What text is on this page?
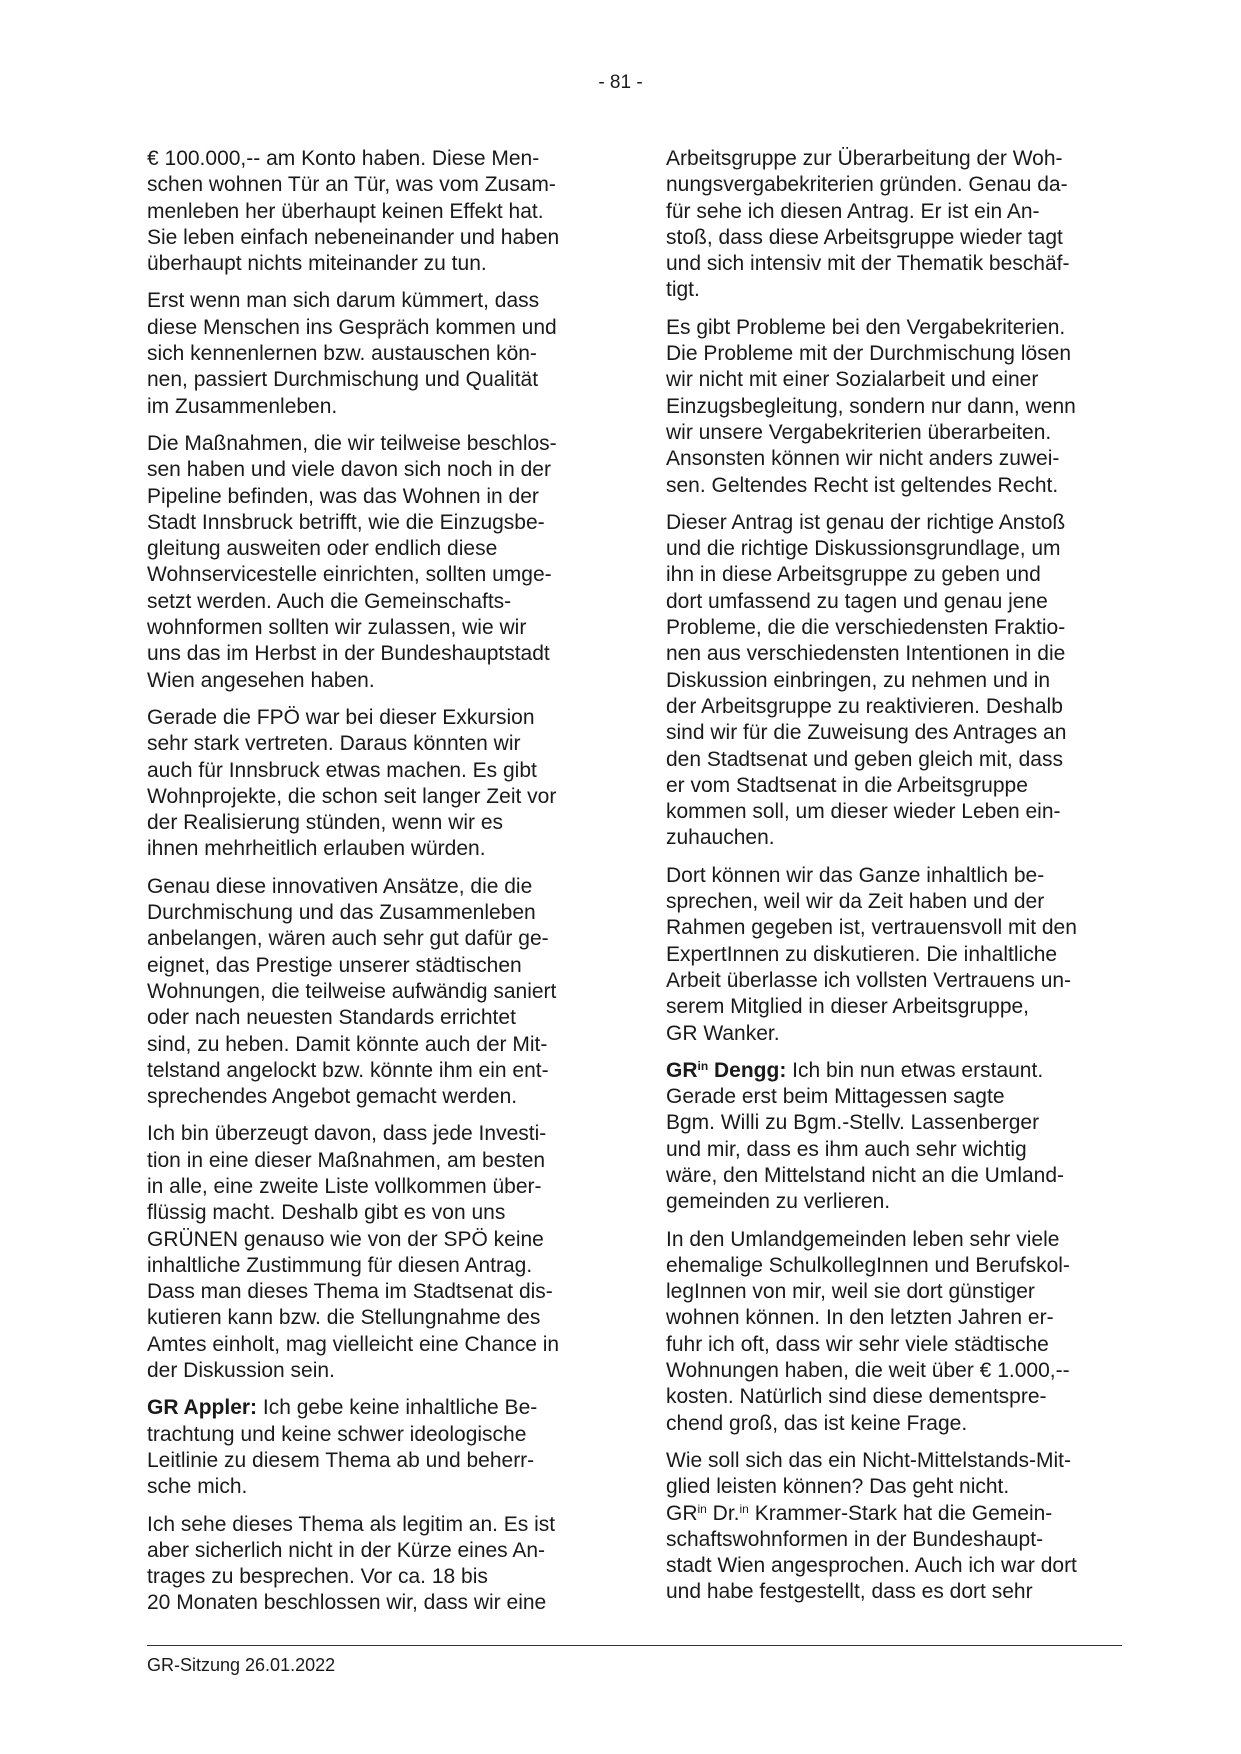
- 81 -

€ 100.000,-- am Konto haben. Diese Men-
schen wohnen Tür an Tür, was vom Zusam-
menleben her überhaupt keinen Effekt hat.
Sie leben einfach nebeneinander und haben
überhaupt nichts miteinander zu tun.

Erst wenn man sich darum kümmert, dass
diese Menschen ins Gespräch kommen und
sich kennenlernen bzw. austauschen kön-
nen, passiert Durchmischung und Qualität
im Zusammenleben.

Die Maßnahmen, die wir teilweise beschlos-
sen haben und viele davon sich noch in der
Pipeline befinden, was das Wohnen in der
Stadt Innsbruck betrifft, wie die Einzugsbe-
gleitung ausweiten oder endlich diese
Wohnservicestelle einrichten, sollten umge-
setzt werden. Auch die Gemeinschafts-
wohnformen sollten wir zulassen, wie wir
uns das im Herbst in der Bundeshauptstadt
Wien angesehen haben.

Gerade die FPÖ war bei dieser Exkursion
sehr stark vertreten. Daraus könnten wir
auch für Innsbruck etwas machen. Es gibt
Wohnprojekte, die schon seit langer Zeit vor
der Realisierung stünden, wenn wir es
ihnen mehrheitlich erlauben würden.

Genau diese innovativen Ansätze, die die
Durchmischung und das Zusammenleben
anbelangen, wären auch sehr gut dafür ge-
eignet, das Prestige unserer städtischen
Wohnungen, die teilweise aufwändig saniert
oder nach neuesten Standards errichtet
sind, zu heben. Damit könnte auch der Mit-
telstand angelockt bzw. könnte ihm ein ent-
sprechendes Angebot gemacht werden.

Ich bin überzeugt davon, dass jede Investi-
tion in eine dieser Maßnahmen, am besten
in alle, eine zweite Liste vollkommen über-
flüssig macht. Deshalb gibt es von uns
GRÜNEN genauso wie von der SPÖ keine
inhaltliche Zustimmung für diesen Antrag.
Dass man dieses Thema im Stadtsenat dis-
kutieren kann bzw. die Stellungnahme des
Amtes einholt, mag vielleicht eine Chance in
der Diskussion sein.

GR Appler: Ich gebe keine inhaltliche Be-
trachtung und keine schwer ideologische
Leitlinie zu diesem Thema ab und beherr-
sche mich.

Ich sehe dieses Thema als legitim an. Es ist
aber sicherlich nicht in der Kürze eines An-
trages zu besprechen. Vor ca. 18 bis
20 Monaten beschlossen wir, dass wir eine

Arbeitsgruppe zur Überarbeitung der Woh-
nungsvergabekriterien gründen. Genau da-
für sehe ich diesen Antrag. Er ist ein An-
stoß, dass diese Arbeitsgruppe wieder tagt
und sich intensiv mit der Thematik beschäf-
tigt.

Es gibt Probleme bei den Vergabekriterien.
Die Probleme mit der Durchmischung lösen
wir nicht mit einer Sozialarbeit und einer
Einzugsbegleitung, sondern nur dann, wenn
wir unsere Vergabekriterien überarbeiten.
Ansonsten können wir nicht anders zuwei-
sen. Geltendes Recht ist geltendes Recht.

Dieser Antrag ist genau der richtige Anstoß
und die richtige Diskussionsgrundlage, um
ihn in diese Arbeitsgruppe zu geben und
dort umfassend zu tagen und genau jene
Probleme, die die verschiedensten Fraktio-
nen aus verschiedensten Intentionen in die
Diskussion einbringen, zu nehmen und in
der Arbeitsgruppe zu reaktivieren. Deshalb
sind wir für die Zuweisung des Antrages an
den Stadtsenat und geben gleich mit, dass
er vom Stadtsenat in die Arbeitsgruppe
kommen soll, um dieser wieder Leben ein-
zuhauchen.

Dort können wir das Ganze inhaltlich be-
sprechen, weil wir da Zeit haben und der
Rahmen gegeben ist, vertrauensvoll mit den
ExpertInnen zu diskutieren. Die inhaltliche
Arbeit überlasse ich vollsten Vertrauens un-
serem Mitglied in dieser Arbeitsgruppe,
GR Wanker.

$GR^{in}$ Dengg: Ich bin nun etwas erstaunt.
Gerade erst beim Mittagessen sagte
Bgm. Willi zu Bgm.-Stellv. Lassenberger
und mir, dass es ihm auch sehr wichtig
wäre, den Mittelstand nicht an die Umland-
gemeinden zu verlieren.

In den Umlandgemeinden leben sehr viele
ehemalige SchulkollegInnen und Berufskol-
legInnen von mir, weil sie dort günstiger
wohnen können. In den letzten Jahren er-
fuhr ich oft, dass wir sehr viele städtische
Wohnungen haben, die weit über € 1.000,--
kosten. Natürlich sind diese dementspre-
chend groß, das ist keine Frage.

Wie soll sich das ein Nicht-Mittelstands-Mit-
glied leisten können? Das geht nicht.
$GR^{in}$ Dr.$^{in}$ Krammer-Stark hat die Gemein-
schaftswohnformen in der Bundeshaupt-
stadt Wien angesprochen. Auch ich war dort
und habe festgestellt, dass es dort sehr

GR-Sitzung 26.01.2022
